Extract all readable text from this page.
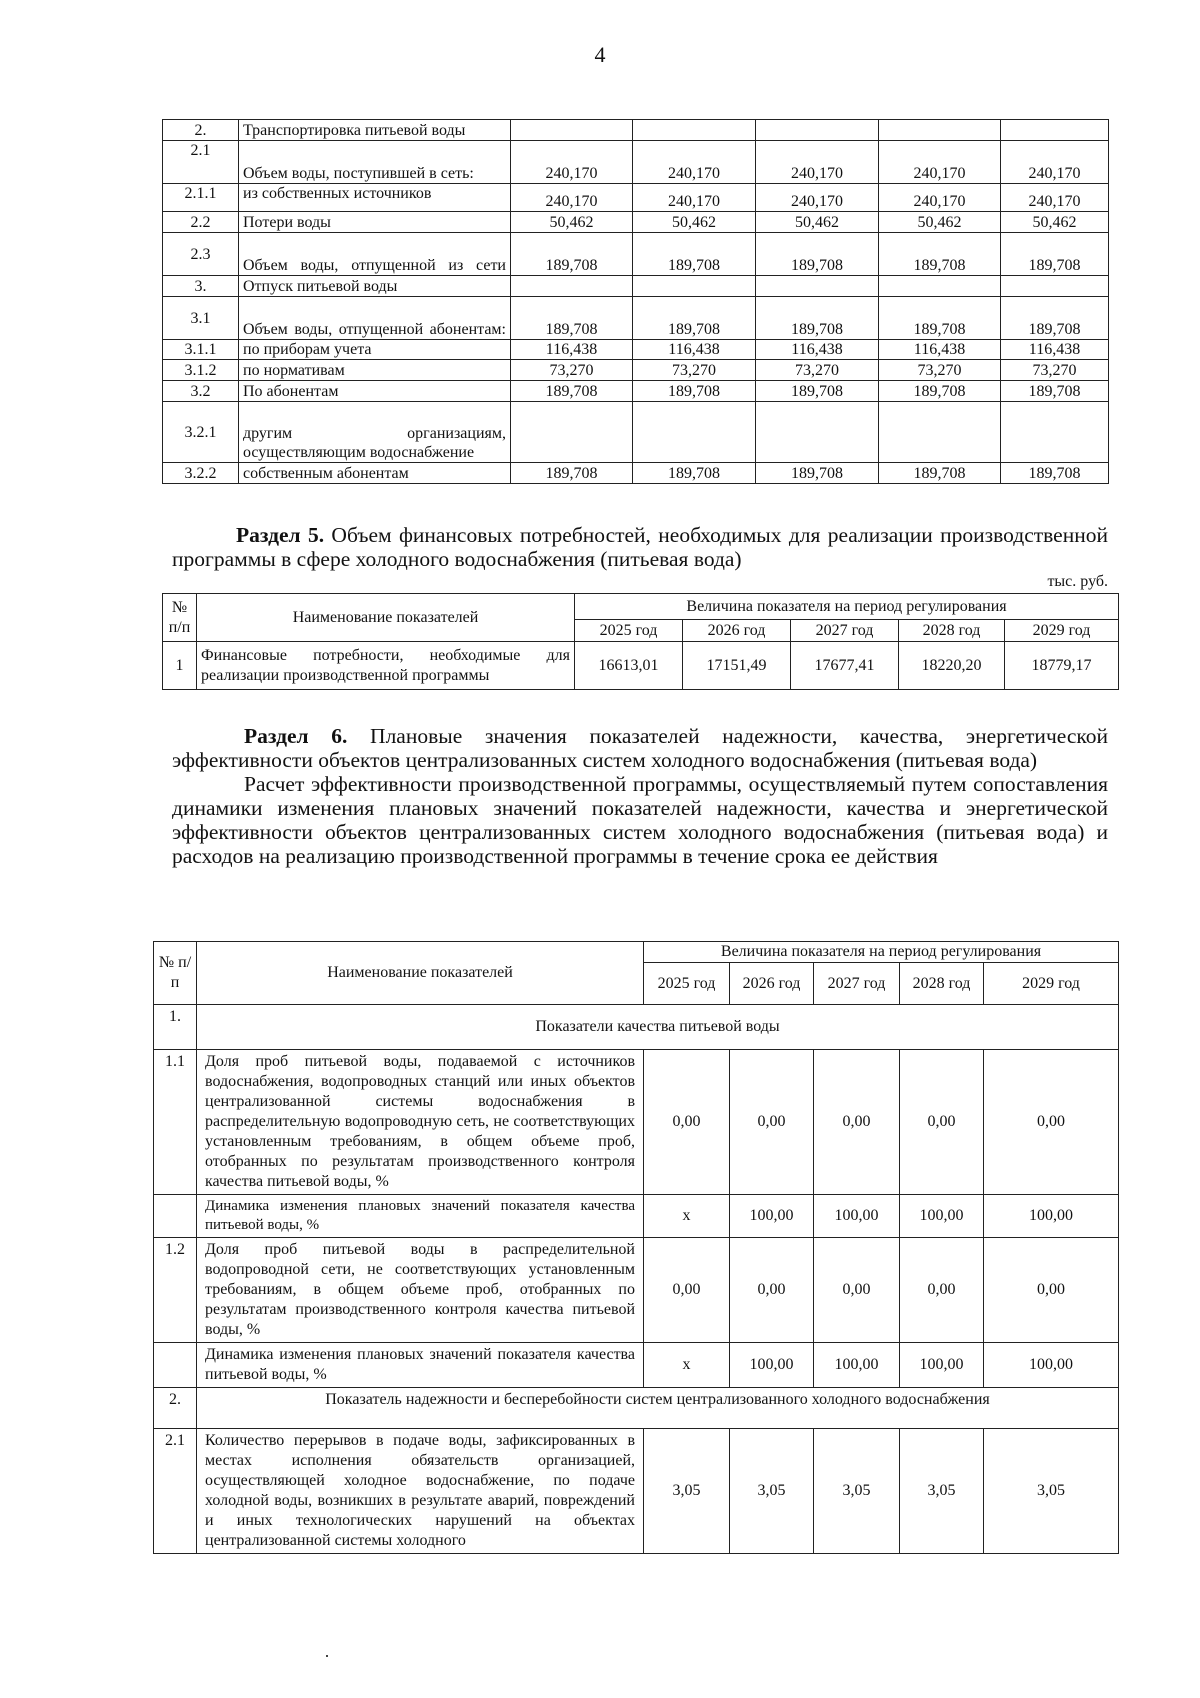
4
2.	Транспортировка питьевой воды					
2.1	Объем воды, поступившей в сеть:	240,170	240,170	240,170	240,170	240,170
2.1.1	из собственных источников	240,170	240,170	240,170	240,170	240,170
2.2	Потери воды	50,462	50,462	50,462	50,462	50,462
2.3	Объем воды, отпущенной из сети	189,708	189,708	189,708	189,708	189,708
3.	Отпуск питьевой воды					
3.1	Объем воды, отпущенной абонентам:	189,708	189,708	189,708	189,708	189,708
3.1.1	по приборам учета	116,438	116,438	116,438	116,438	116,438
3.1.2	по нормативам	73,270	73,270	73,270	73,270	73,270
3.2	По абонентам	189,708	189,708	189,708	189,708	189,708
3.2.1	другим организациям, осуществляющим водоснабжение					
3.2.2	собственным абонентам	189,708	189,708	189,708	189,708	189,708
Раздел 5. Объем финансовых потребностей, необходимых для реализации производственной программы в сфере холодного водоснабжения (питьевая вода)
тыс. руб.
№ п/п	Наименование показателей	Величина показателя на период регулирования				
		2025 год	2026 год	2027 год	2028 год	2029 год
1	Финансовые потребности, необходимые для реализации производственной программы	16613,01	17151,49	17677,41	18220,20	18779,17

Раздел 6. Плановые значения показателей надежности, качества, энергетической эффективности объектов централизованных систем холодного водоснабжения (питьевая вода)

Расчет эффективности производственной программы, осуществляемый путем сопоставления динамики изменения плановых значений показателей надежности, качества и энергетической эффективности объектов централизованных систем холодного водоснабжения (питьевая вода) и расходов на реализацию производственной программы в течение срока ее действия

№ п/п	Наименование показателей	Величина показателя на период регулирования				
		2025 год	2026 год	2027 год	2028 год	2029 год
1.	Показатели качества питьевой воды					
1.1	Доля проб питьевой воды, подаваемой с источников водоснабжения, водопроводных станций или иных объектов централизованной системы водоснабжения в распределительную водопроводную сеть, не соответствующих установленным требованиям, в общем объеме проб, отобранных по результатам производственного контроля качества питьевой воды, %	0,00	0,00	0,00	0,00	0,00
	Динамика изменения плановых значений показателя качества питьевой воды, %	х	100,00	100,00	100,00	100,00
1.2	Доля проб питьевой воды в распределительной водопроводной сети, не соответствующих установленным требованиям, в общем объеме проб, отобранных по результатам производственного контроля качества питьевой воды, %	0,00	0,00	0,00	0,00	0,00
	Динамика изменения плановых значений показателя качества питьевой воды, %	х	100,00	100,00	100,00	100,00
2.	Показатель надежности и бесперебойности систем централизованного холодного водоснабжения					
2.1	Количество перерывов в подаче воды, зафиксированных в местах исполнения обязательств организацией, осуществляющей холодное водоснабжение, по подаче холодной воды, возникших в результате аварий, повреждений и иных технологических нарушений на объектах централизованной системы холодного	3,05	3,05	3,05	3,05	3,05
